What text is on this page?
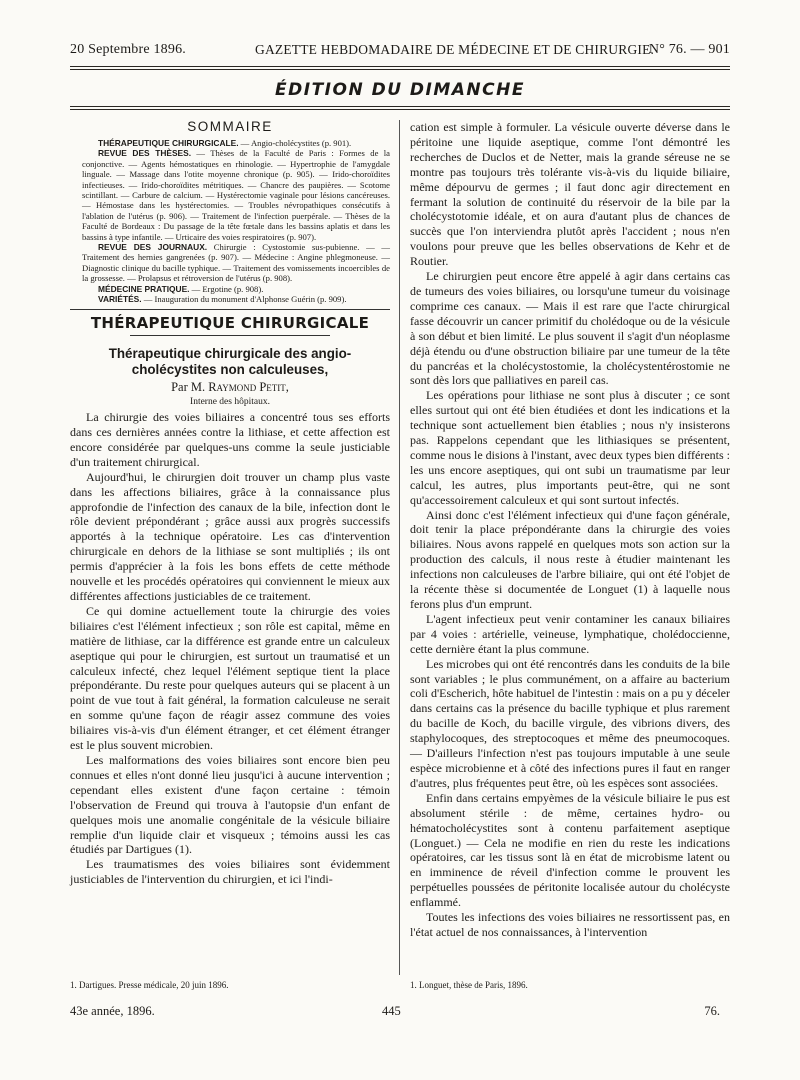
20 Septembre 1896.	GAZETTE HEBDOMADAIRE DE MÉDECINE ET DE CHIRURGIE.
N° 76. — 901
ÉDITION DU DIMANCHE
SOMMAIRE

THÉRAPEUTIQUE CHIRURGICALE. — Angio-cholécystites (p. 901).

REVUE DES THÈSES. — Thèses de la Faculté de Paris : Formes de la conjonctive. — Agents hémostatiques en rhinologie. — Hypertrophie de l'amygdale linguale. — Massage dans l'otite moyenne chronique (p. 905). — Irido-choroïdites infectieuses. — Irido-choroïdites métritiques. — Chancre des paupières. — Scotome scintillant. — Carbure de calcium. — Hystérectomie vaginale pour lésions cancéreuses. — Hémostase dans les hystérectomies. — Troubles névropathiques consécutifs à l'ablation de l'utérus (p. 906). — Traitement de l'infection puerpérale. — Thèses de la Faculté de Bordeaux : Du passage de la tête fœtale dans les bassins aplatis et dans les bassins à type infantile. — Urticaire des voies respiratoires (p. 907).

REVUE DES JOURNAUX. Chirurgie : Cystostomie sus-pubienne. — — Traitement des hernies gangrenées (p. 907). — Médecine : Angine phlegmoneuse. — Diagnostic clinique du bacille typhique. — Traitement des vomissements incoercibles de la grossesse. — Prolapsus et rétroversion de l'utérus (p. 908).

MÉDECINE PRATIQUE. — Ergotine (p. 908).

VARIÉTÉS. — Inauguration du monument d'Alphonse Guérin (p. 909).

THÉRAPEUTIQUE CHIRURGICALE
Thérapeutique chirurgicale des angio-cholécystites non calculeuses,

Par M. Raymond Petit,

Interne des hôpitaux.

La chirurgie des voies biliaires a concentré tous ses efforts dans ces dernières années contre la lithiase, et cette affection est encore considérée par quelques-uns comme la seule justiciable d'un traitement chirurgical.

Aujourd'hui, le chirurgien doit trouver un champ plus vaste dans les affections biliaires, grâce à la connaissance plus approfondie de l'infection des canaux de la bile, infection dont le rôle devient prépondérant ; grâce aussi aux progrès successifs apportés à la technique opératoire. Les cas d'intervention chirurgicale en dehors de la lithiase se sont multipliés ; ils ont permis d'apprécier à la fois les bons effets de cette méthode nouvelle et les procédés opératoires qui conviennent le mieux aux différentes affections justiciables de ce traitement.

Ce qui domine actuellement toute la chirurgie des voies biliaires c'est l'élément infectieux ; son rôle est capital, même en matière de lithiase, car la différence est grande entre un calculeux aseptique qui pour le chirurgien, est surtout un traumatisé et un calculeux infecté, chez lequel l'élément septique tient la place prépondérante. Du reste pour quelques auteurs qui se placent à un point de vue tout à fait général, la formation calculeuse ne serait en somme qu'une façon de réagir assez commune des voies biliaires vis-à-vis d'un élément étranger, et cet élément étranger est le plus souvent microbien.

Les malformations des voies biliaires sont encore bien peu connues et elles n'ont donné lieu jusqu'ici à aucune intervention ; cependant elles existent d'une façon certaine : témoin l'observation de Freund qui trouva à l'autopsie d'un enfant de quelques mois une anomalie congénitale de la vésicule biliaire remplie d'un liquide clair et visqueux ; témoins aussi les cas étudiés par Dartigues (1).

Les traumatismes des voies biliaires sont évidemment justiciables de l'intervention du chirurgien, et ici l'indi-

cation est simple à formuler. La vésicule ouverte déverse dans le péritoine une liquide aseptique, comme l'ont démontré les recherches de Duclos et de Netter, mais la grande séreuse ne se montre pas toujours très tolérante vis-à-vis du liquide biliaire, même dépourvu de germes ; il faut donc agir directement en fermant la solution de continuité du réservoir de la bile par la cholécystotomie idéale, et on aura d'autant plus de chances de succès que l'on interviendra plutôt après l'accident ; nous n'en voulons pour preuve que les belles observations de Kehr et de Routier.

Le chirurgien peut encore être appelé à agir dans certains cas de tumeurs des voies biliaires, ou lorsqu'une tumeur du voisinage comprime ces canaux. — Mais il est rare que l'acte chirurgical fasse découvrir un cancer primitif du cholédoque ou de la vésicule à son début et bien limité. Le plus souvent il s'agit d'un néoplasme déjà étendu ou d'une obstruction biliaire par une tumeur de la tête du pancréas et la cholécystostomie, la cholécystentérostomie ne sont dès lors que palliatives en pareil cas.

Les opérations pour lithiase ne sont plus à discuter ; ce sont elles surtout qui ont été bien étudiées et dont les indications et la technique sont actuellement bien établies ; nous n'y insisterons pas. Rappelons cependant que les lithiasiques se présentent, comme nous le disions à l'instant, avec deux types bien différents : les uns encore aseptiques, qui ont subi un traumatisme par leur calcul, les autres, plus importants peut-être, qui ne sont qu'accessoirement calculeux et qui sont surtout infectés.

Ainsi donc c'est l'élément infectieux qui d'une façon générale, doit tenir la place prépondérante dans la chirurgie des voies biliaires. Nous avons rappelé en quelques mots son action sur la production des calculs, il nous reste à étudier maintenant les infections non calculeuses de l'arbre biliaire, qui ont été l'objet de la récente thèse si documentée de Longuet (1) à laquelle nous ferons plus d'un emprunt.

L'agent infectieux peut venir contaminer les canaux biliaires par 4 voies : artérielle, veineuse, lymphatique, cholédoccienne, cette dernière étant la plus commune.

Les microbes qui ont été rencontrés dans les conduits de la bile sont variables ; le plus communément, on a affaire au bacterium coli d'Escherich, hôte habituel de l'intestin : mais on a pu y déceler dans certains cas la présence du bacille typhique et plus rarement du bacille de Koch, du bacille virgule, des vibrions divers, des staphylocoques, des streptocoques et même des pneumocoques. — D'ailleurs l'infection n'est pas toujours imputable à une seule espèce microbienne et à côté des infections pures il faut en ranger d'autres, plus fréquentes peut être, où les espèces sont associées.

Enfin dans certains empyèmes de la vésicule biliaire le pus est absolument stérile : de même, certaines hydro- ou hématocholécystites sont à contenu parfaitement aseptique (Longuet.) — Cela ne modifie en rien du reste les indications opératoires, car les tissus sont là en état de microbisme latent ou en imminence de réveil d'infection comme le prouvent les perpétuelles poussées de péritonite localisée autour du cholécyste enflammé.

Toutes les infections des voies biliaires ne ressortissent pas, en l'état actuel de nos connaissances, à l'intervention

1. Dartigues. Presse médicale, 20 juin 1896.	1. Longuet, thèse de Paris, 1896.
43e année, 1896.	445	76.
